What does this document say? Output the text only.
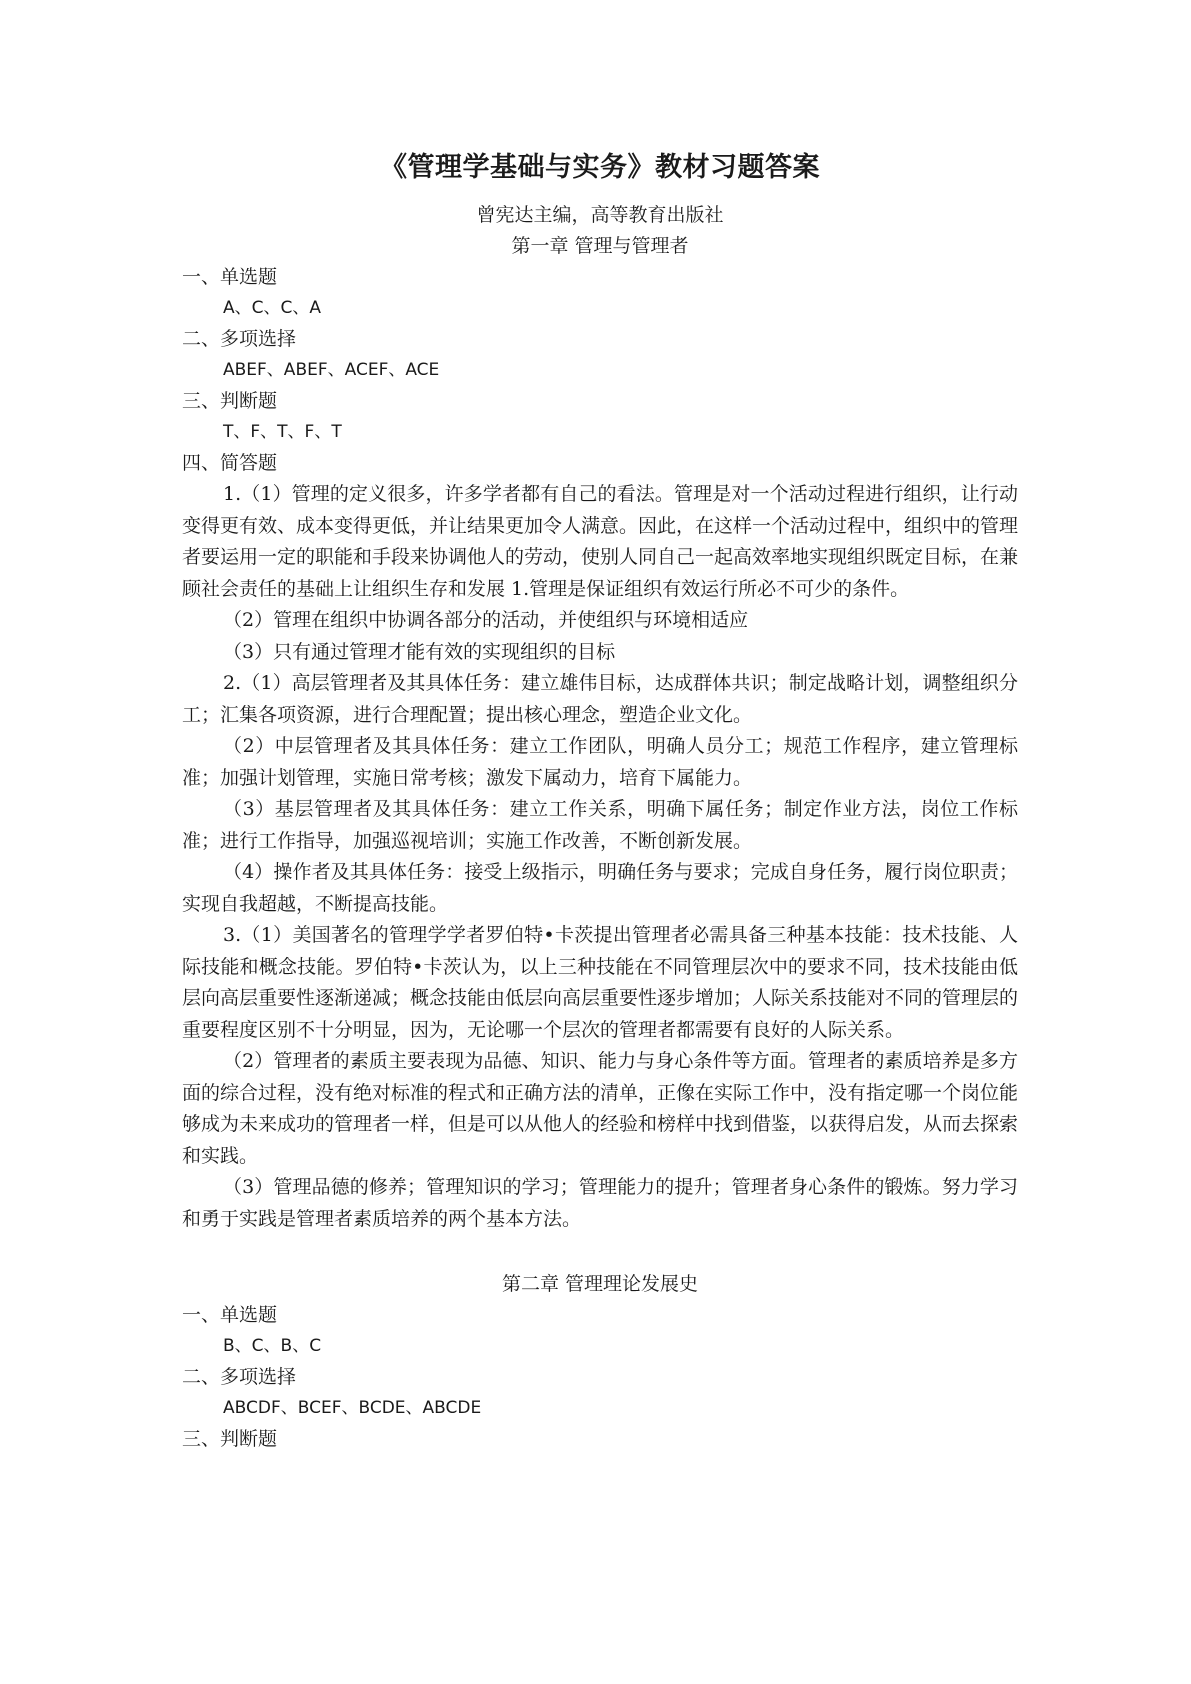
《管理学基础与实务》教材习题答案

曾宪达主编，高等教育出版社

第一章 管理与管理者

一、单选题

A、C、C、A

二、多项选择

ABEF、ABEF、ACEF、ACE

三、判断题

T、F、T、F、T

四、简答题

1.（1）管理的定义很多，许多学者都有自己的看法。管理是对一个活动过程进行组织，让行动变得更有效、成本变得更低，并让结果更加令人满意。因此，在这样一个活动过程中，组织中的管理者要运用一定的职能和手段来协调他人的劳动，使别人同自己一起高效率地实现组织既定目标，在兼顾社会责任的基础上让组织生存和发展 1.管理是保证组织有效运行所必不可少的条件。

（2）管理在组织中协调各部分的活动，并使组织与环境相适应

（3）只有通过管理才能有效的实现组织的目标

2.（1）高层管理者及其具体任务：建立雄伟目标，达成群体共识；制定战略计划，调整组织分工；汇集各项资源，进行合理配置；提出核心理念，塑造企业文化。

（2）中层管理者及其具体任务：建立工作团队，明确人员分工；规范工作程序，建立管理标准；加强计划管理，实施日常考核；激发下属动力，培育下属能力。

（3）基层管理者及其具体任务：建立工作关系，明确下属任务；制定作业方法，岗位工作标准；进行工作指导，加强巡视培训；实施工作改善，不断创新发展。

（4）操作者及其具体任务：接受上级指示，明确任务与要求；完成自身任务，履行岗位职责；实现自我超越，不断提高技能。

3.（1）美国著名的管理学学者罗伯特•卡茨提出管理者必需具备三种基本技能：技术技能、人际技能和概念技能。罗伯特•卡茨认为，以上三种技能在不同管理层次中的要求不同，技术技能由低层向高层重要性逐渐递减；概念技能由低层向高层重要性逐步增加；人际关系技能对不同的管理层的重要程度区别不十分明显，因为，无论哪一个层次的管理者都需要有良好的人际关系。

（2）管理者的素质主要表现为品德、知识、能力与身心条件等方面。管理者的素质培养是多方面的综合过程，没有绝对标准的程式和正确方法的清单，正像在实际工作中，没有指定哪一个岗位能够成为未来成功的管理者一样，但是可以从他人的经验和榜样中找到借鉴，以获得启发，从而去探索和实践。

（3）管理品德的修养；管理知识的学习；管理能力的提升；管理者身心条件的锻炼。努力学习和勇于实践是管理者素质培养的两个基本方法。

第二章 管理理论发展史

一、单选题

B、C、B、C

二、多项选择

ABCDF、BCEF、BCDE、ABCDE

三、判断题
